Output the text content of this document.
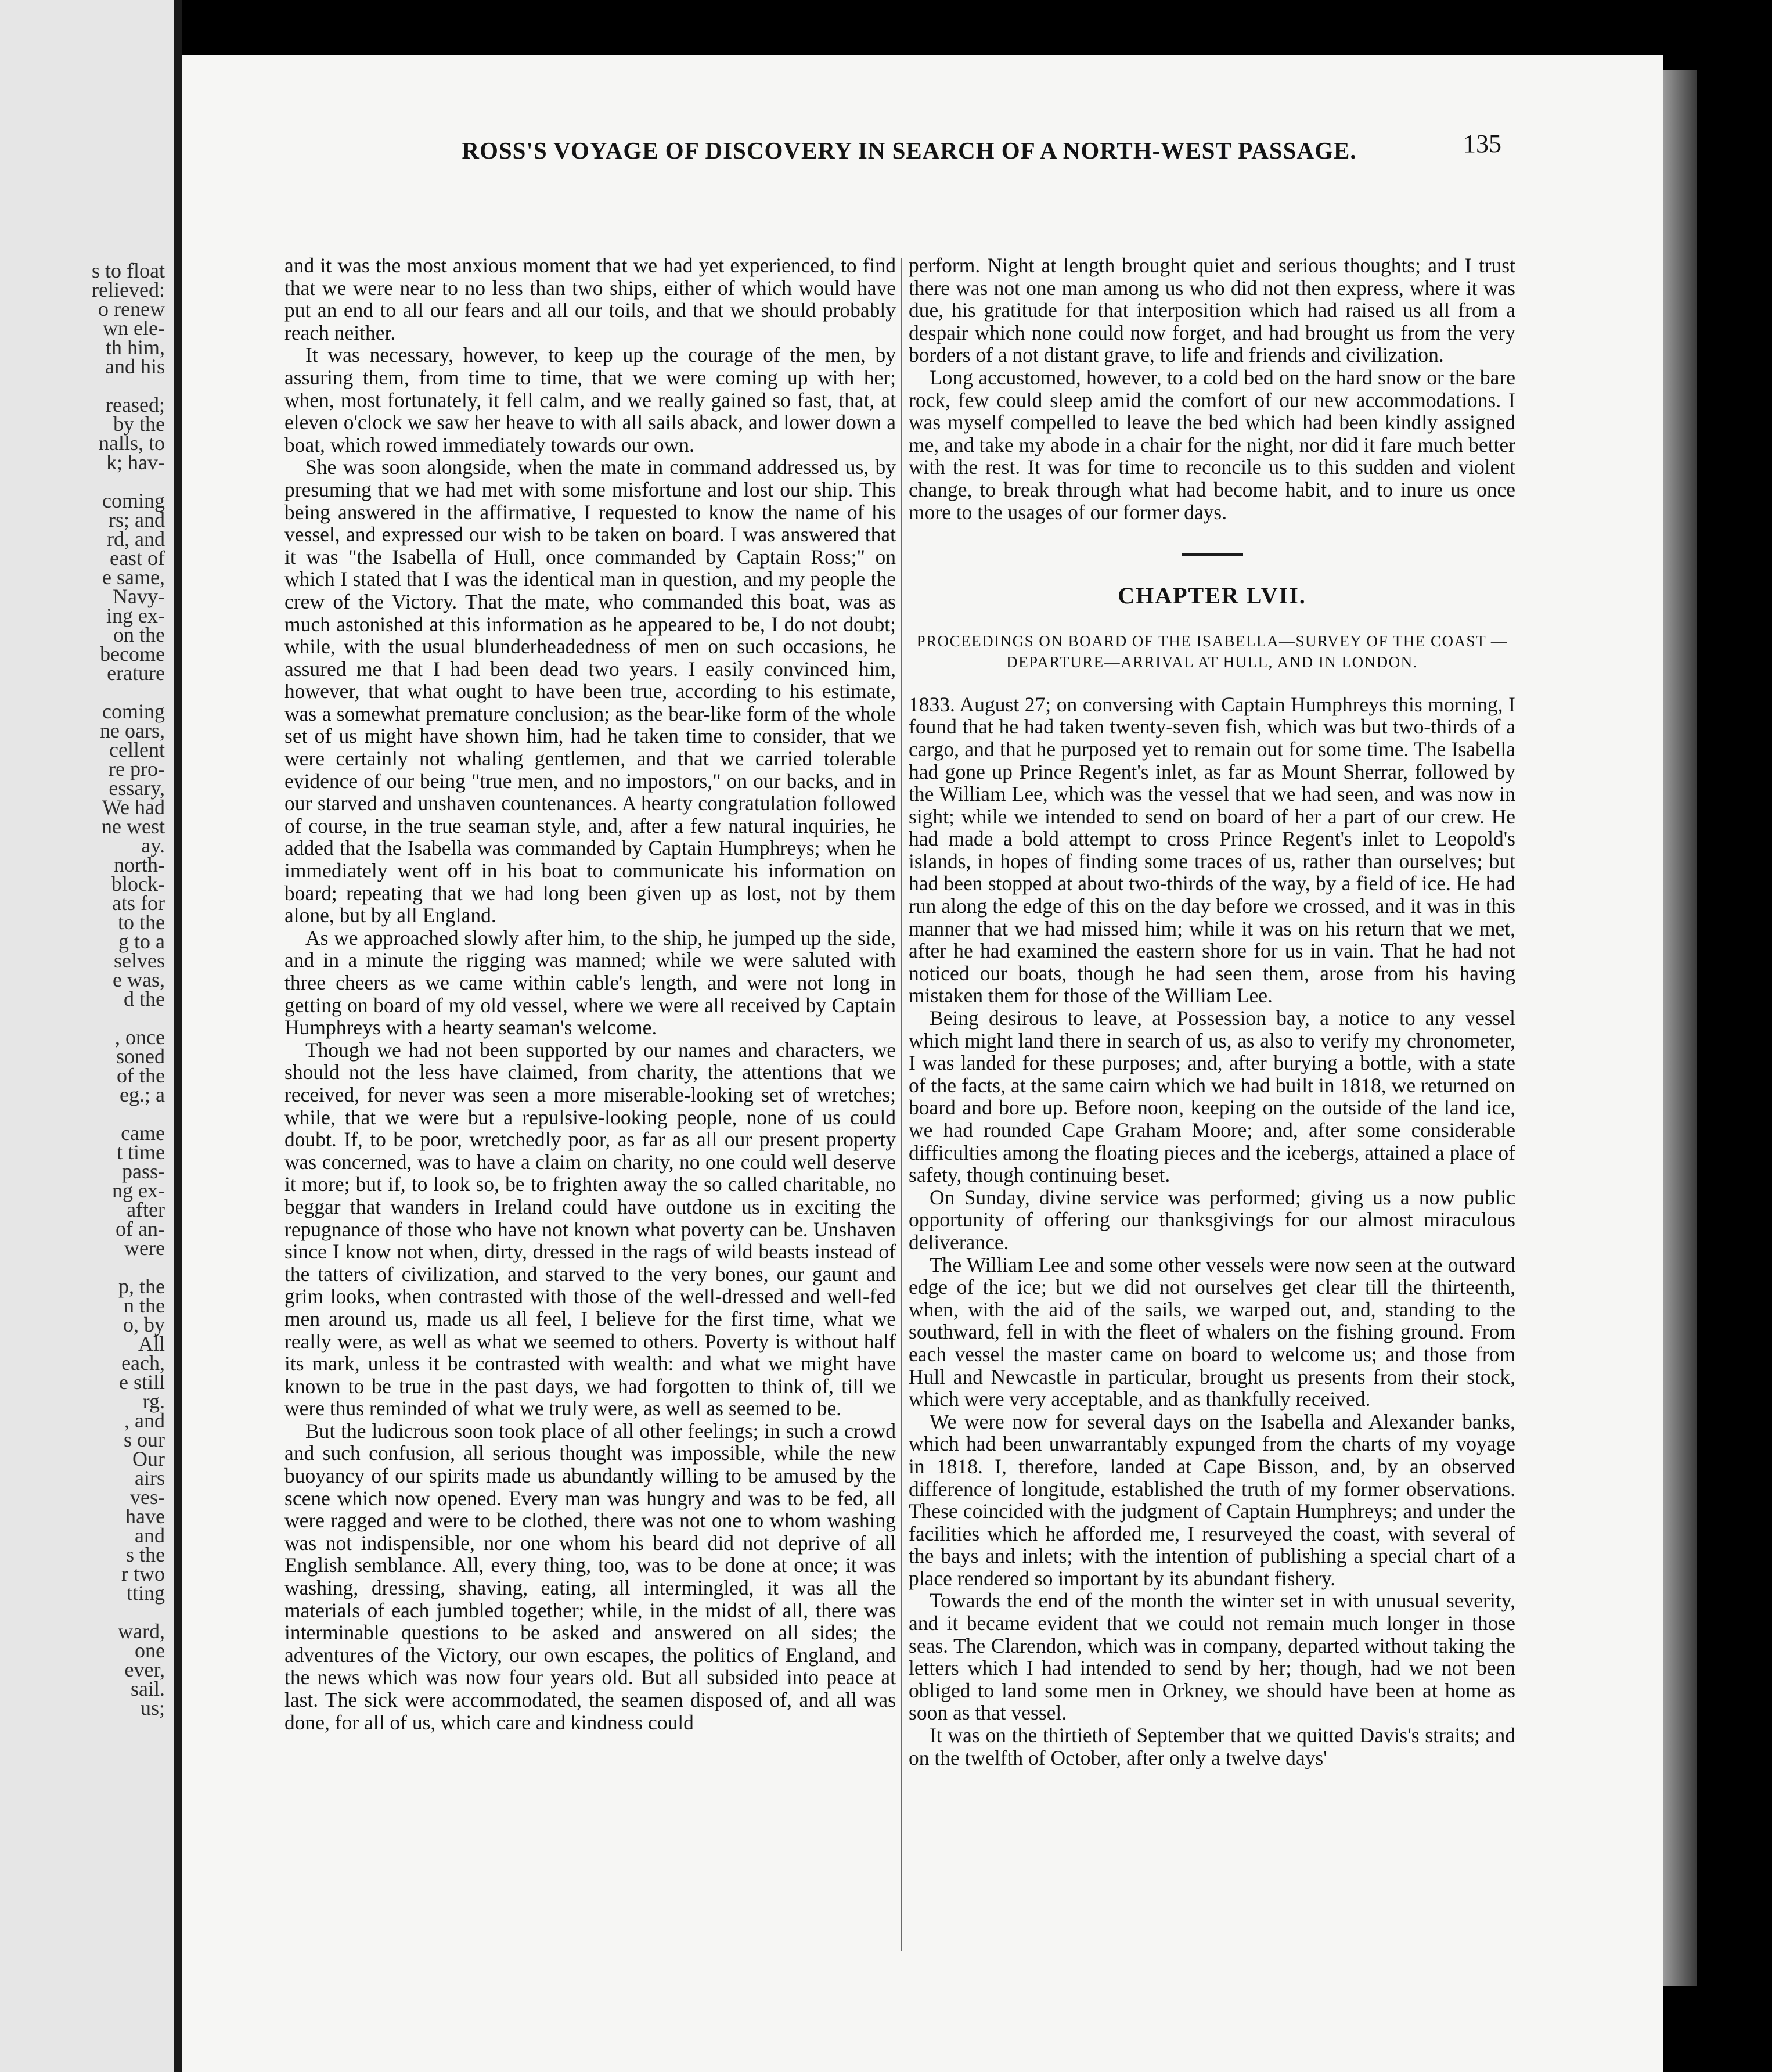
s to float
relieved:
o renew
wn ele-
th him,
and his

reased;
by the
nalls, to
k; hav-

coming
rs; and
rd, and
east of
e same,
Navy-
ing ex-
on the
become
erature

coming
ne oars,
cellent
re pro-
essary,
We had
ne west
ay.
north-
block-
ats for
to the
g to a
selves
e was,
d the

, once
soned
of the
eg.; a

came
t time
pass-
ng ex-
after
of an-
were

p, the
n the
o, by
All
each,
e still
rg.
, and
s our
Our
airs
ves-
have
and
s the
r two
tting

ward,
one
ever,
sail.
us;
ROSS'S VOYAGE OF DISCOVERY IN SEARCH OF A NORTH-WEST PASSAGE.	135

and it was the most anxious moment that we had yet experienced, to find that we were near to no less than two ships, either of which would have put an end to all our fears and all our toils, and that we should probably reach neither.

It was necessary, however, to keep up the courage of the men, by assuring them, from time to time, that we were coming up with her; when, most fortunately, it fell calm, and we really gained so fast, that, at eleven o'clock we saw her heave to with all sails aback, and lower down a boat, which rowed immediately towards our own.

She was soon alongside, when the mate in command addressed us, by presuming that we had met with some misfortune and lost our ship. This being answered in the affirmative, I requested to know the name of his vessel, and expressed our wish to be taken on board. I was answered that it was "the Isabella of Hull, once commanded by Captain Ross;" on which I stated that I was the identical man in question, and my people the crew of the Victory. That the mate, who commanded this boat, was as much astonished at this information as he appeared to be, I do not doubt; while, with the usual blunderheadedness of men on such occasions, he assured me that I had been dead two years. I easily convinced him, however, that what ought to have been true, according to his estimate, was a somewhat premature conclusion; as the bear-like form of the whole set of us might have shown him, had he taken time to consider, that we were certainly not whaling gentlemen, and that we carried tolerable evidence of our being "true men, and no impostors," on our backs, and in our starved and unshaven countenances. A hearty congratulation followed of course, in the true seaman style, and, after a few natural inquiries, he added that the Isabella was commanded by Captain Humphreys; when he immediately went off in his boat to communicate his information on board; repeating that we had long been given up as lost, not by them alone, but by all England.

As we approached slowly after him, to the ship, he jumped up the side, and in a minute the rigging was manned; while we were saluted with three cheers as we came within cable's length, and were not long in getting on board of my old vessel, where we were all received by Captain Humphreys with a hearty seaman's welcome.

Though we had not been supported by our names and characters, we should not the less have claimed, from charity, the attentions that we received, for never was seen a more miserable-looking set of wretches; while, that we were but a repulsive-looking people, none of us could doubt. If, to be poor, wretchedly poor, as far as all our present property was concerned, was to have a claim on charity, no one could well deserve it more; but if, to look so, be to frighten away the so called charitable, no beggar that wanders in Ireland could have outdone us in exciting the repugnance of those who have not known what poverty can be. Unshaven since I know not when, dirty, dressed in the rags of wild beasts instead of the tatters of civilization, and starved to the very bones, our gaunt and grim looks, when contrasted with those of the well-dressed and well-fed men around us, made us all feel, I believe for the first time, what we really were, as well as what we seemed to others. Poverty is without half its mark, unless it be contrasted with wealth: and what we might have known to be true in the past days, we had forgotten to think of, till we were thus reminded of what we truly were, as well as seemed to be.

But the ludicrous soon took place of all other feelings; in such a crowd and such confusion, all serious thought was impossible, while the new buoyancy of our spirits made us abundantly willing to be amused by the scene which now opened. Every man was hungry and was to be fed, all were ragged and were to be clothed, there was not one to whom washing was not indispensible, nor one whom his beard did not deprive of all English semblance. All, every thing, too, was to be done at once; it was washing, dressing, shaving, eating, all intermingled, it was all the materials of each jumbled together; while, in the midst of all, there was interminable questions to be asked and answered on all sides; the adventures of the Victory, our own escapes, the politics of England, and the news which was now four years old. But all subsided into peace at last. The sick were accommodated, the seamen disposed of, and all was done, for all of us, which care and kindness could

perform. Night at length brought quiet and serious thoughts; and I trust there was not one man among us who did not then express, where it was due, his gratitude for that interposition which had raised us all from a despair which none could now forget, and had brought us from the very borders of a not distant grave, to life and friends and civilization.

Long accustomed, however, to a cold bed on the hard snow or the bare rock, few could sleep amid the comfort of our new accommodations. I was myself compelled to leave the bed which had been kindly assigned me, and take my abode in a chair for the night, nor did it fare much better with the rest. It was for time to reconcile us to this sudden and violent change, to break through what had become habit, and to inure us once more to the usages of our former days.

CHAPTER LVII.
PROCEEDINGS ON BOARD OF THE ISABELLA—SURVEY OF THE COAST —DEPARTURE—ARRIVAL AT HULL, AND IN LONDON.

1833. August 27; on conversing with Captain Humphreys this morning, I found that he had taken twenty-seven fish, which was but two-thirds of a cargo, and that he purposed yet to remain out for some time. The Isabella had gone up Prince Regent's inlet, as far as Mount Sherrar, followed by the William Lee, which was the vessel that we had seen, and was now in sight; while we intended to send on board of her a part of our crew. He had made a bold attempt to cross Prince Regent's inlet to Leopold's islands, in hopes of finding some traces of us, rather than ourselves; but had been stopped at about two-thirds of the way, by a field of ice. He had run along the edge of this on the day before we crossed, and it was in this manner that we had missed him; while it was on his return that we met, after he had examined the eastern shore for us in vain. That he had not noticed our boats, though he had seen them, arose from his having mistaken them for those of the William Lee.

Being desirous to leave, at Possession bay, a notice to any vessel which might land there in search of us, as also to verify my chronometer, I was landed for these purposes; and, after burying a bottle, with a state of the facts, at the same cairn which we had built in 1818, we returned on board and bore up. Before noon, keeping on the outside of the land ice, we had rounded Cape Graham Moore; and, after some considerable difficulties among the floating pieces and the icebergs, attained a place of safety, though continuing beset.

On Sunday, divine service was performed; giving us a now public opportunity of offering our thanksgivings for our almost miraculous deliverance.

The William Lee and some other vessels were now seen at the outward edge of the ice; but we did not ourselves get clear till the thirteenth, when, with the aid of the sails, we warped out, and, standing to the southward, fell in with the fleet of whalers on the fishing ground. From each vessel the master came on board to welcome us; and those from Hull and Newcastle in particular, brought us presents from their stock, which were very acceptable, and as thankfully received.

We were now for several days on the Isabella and Alexander banks, which had been unwarrantably expunged from the charts of my voyage in 1818. I, therefore, landed at Cape Bisson, and, by an observed difference of longitude, established the truth of my former observations. These coincided with the judgment of Captain Humphreys; and under the facilities which he afforded me, I resurveyed the coast, with several of the bays and inlets; with the intention of publishing a special chart of a place rendered so important by its abundant fishery.

Towards the end of the month the winter set in with unusual severity, and it became evident that we could not remain much longer in those seas. The Clarendon, which was in company, departed without taking the letters which I had intended to send by her; though, had we not been obliged to land some men in Orkney, we should have been at home as soon as that vessel.

It was on the thirtieth of September that we quitted Davis's straits; and on the twelfth of October, after only a twelve days'
